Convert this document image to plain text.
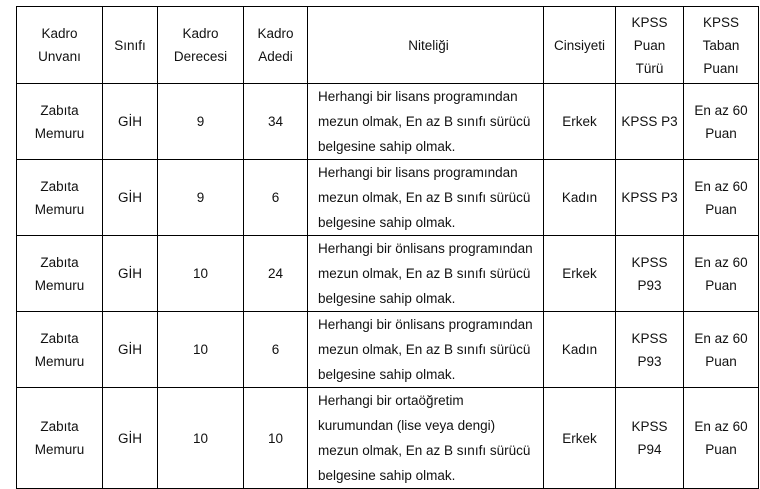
Kadro Unvanı	Sınıfı	Kadro Derecesi	Kadro Adedi	Niteliği	Cinsiyeti	KPSS Puan Türü	KPSS Taban Puanı

Zabıta Memuru	GİH	9	34	Herhangi bir lisans programından mezun olmak, En az B sınıfı sürücü belgesine sahip olmak.	Erkek	KPSS P3	En az 60 Puan

Zabıta Memuru	GİH	9	6	Herhangi bir lisans programından mezun olmak, En az B sınıfı sürücü belgesine sahip olmak.	Kadın	KPSS P3	En az 60 Puan

Zabıta Memuru	GİH	10	24	Herhangi bir önlisans programından mezun olmak, En az B sınıfı sürücü belgesine sahip olmak.	Erkek	KPSS P93	En az 60 Puan

Zabıta Memuru	GİH	10	6	Herhangi bir önlisans programından mezun olmak, En az B sınıfı sürücü belgesine sahip olmak.	Kadın	KPSS P93	En az 60 Puan

Zabıta Memuru	GİH	10	10	Herhangi bir ortaöğretim kurumundan (lise veya dengi) mezun olmak, En az B sınıfı sürücü belgesine sahip olmak.	Erkek	KPSS P94	En az 60 Puan
